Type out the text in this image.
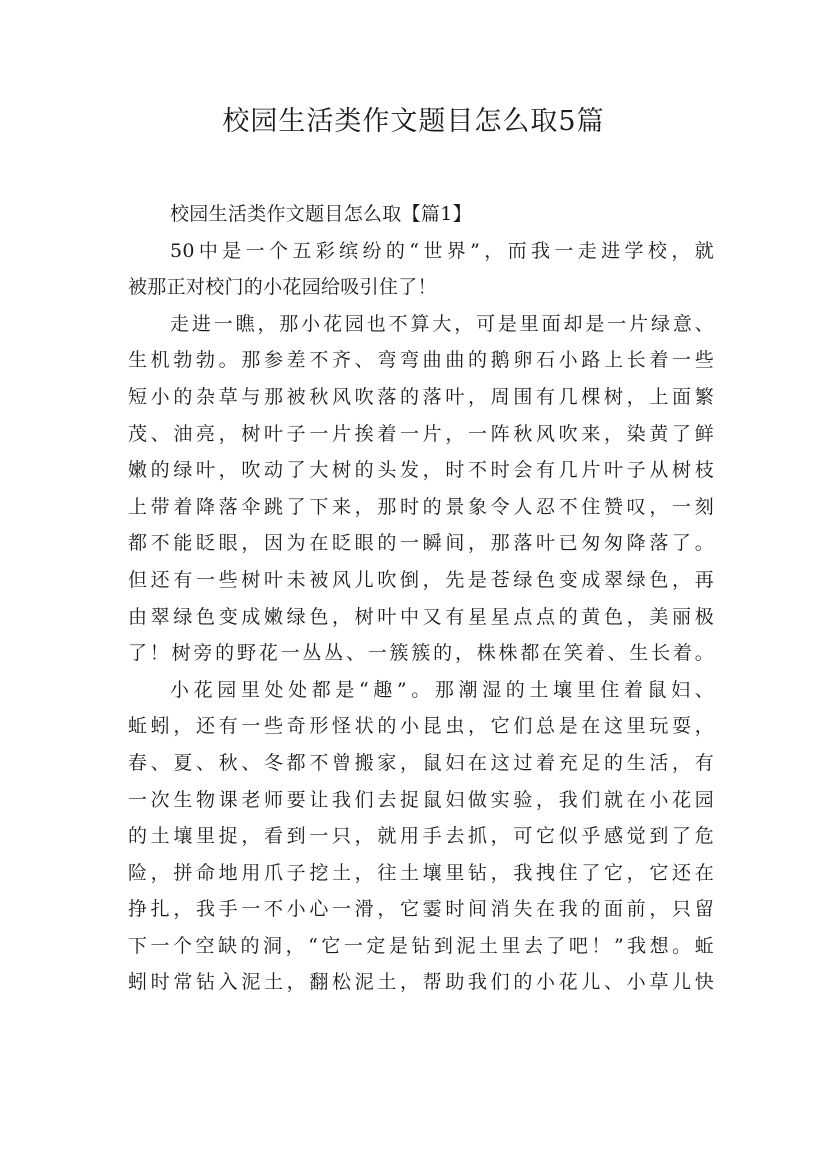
校园生活类作文题目怎么取5篇
校园生活类作文题目怎么取【篇1】
50中是一个五彩缤纷的“世界”，而我一走进学校，就
被那正对校门的小花园给吸引住了！
走进一瞧，那小花园也不算大，可是里面却是一片绿意、
生机勃勃。那参差不齐、弯弯曲曲的鹅卵石小路上长着一些
短小的杂草与那被秋风吹落的落叶，周围有几棵树，上面繁
茂、油亮，树叶子一片挨着一片，一阵秋风吹来，染黄了鲜
嫩的绿叶，吹动了大树的头发，时不时会有几片叶子从树枝
上带着降落伞跳了下来，那时的景象令人忍不住赞叹，一刻
都不能眨眼，因为在眨眼的一瞬间，那落叶已匆匆降落了。
但还有一些树叶未被风儿吹倒，先是苍绿色变成翠绿色，再
由翠绿色变成嫩绿色，树叶中又有星星点点的黄色，美丽极
了！树旁的野花一丛丛、一簇簇的，株株都在笑着、生长着。
小花园里处处都是“趣”。那潮湿的土壤里住着鼠妇、
蚯蚓，还有一些奇形怪状的小昆虫，它们总是在这里玩耍，
春、夏、秋、冬都不曾搬家，鼠妇在这过着充足的生活，有
一次生物课老师要让我们去捉鼠妇做实验，我们就在小花园
的土壤里捉，看到一只，就用手去抓，可它似乎感觉到了危
险，拼命地用爪子挖土，往土壤里钻，我拽住了它，它还在
挣扎，我手一不小心一滑，它霎时间消失在我的面前，只留
下一个空缺的洞，“它一定是钻到泥土里去了吧！”我想。蚯
蚓时常钻入泥土，翻松泥土，帮助我们的小花儿、小草儿快
